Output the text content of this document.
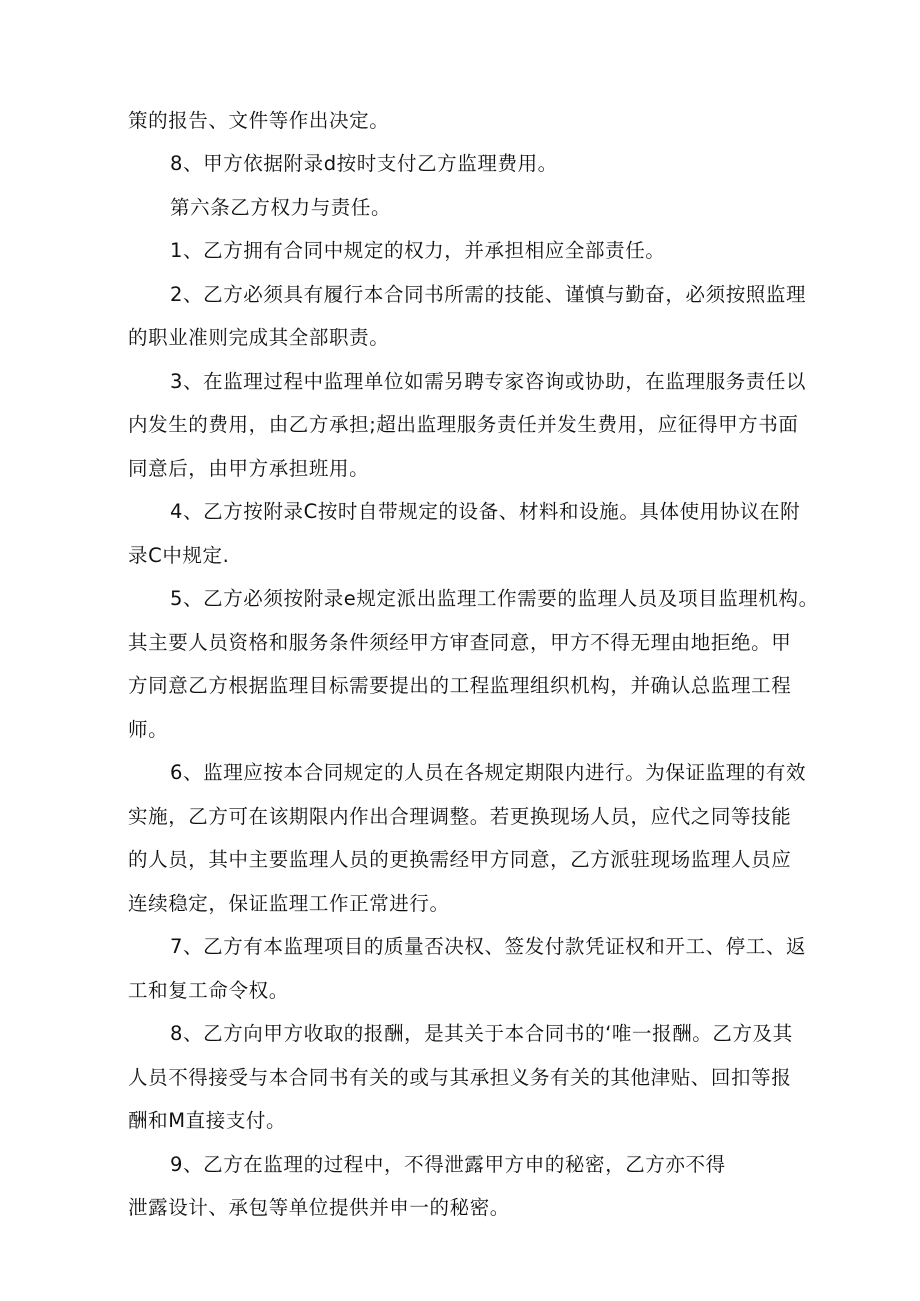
策的报告、文件等作出决定。
8、甲方依据附录d按时支付乙方监理费用。
第六条乙方权力与责任。
1、乙方拥有合同中规定的权力，并承担相应全部责任。
2、乙方必须具有履行本合同书所需的技能、谨慎与勤奋，必须按照监理
的职业准则完成其全部职责。
3、在监理过程中监理单位如需另聘专家咨询或协助，在监理服务责任以
内发生的费用，由乙方承担;超出监理服务责任并发生费用，应征得甲方书面
同意后，由甲方承担班用。
4、乙方按附录C按时自带规定的设备、材料和设施。具体使用协议在附
录C中规定.
5、乙方必须按附录e规定派出监理工作需要的监理人员及项目监理机构。
其主要人员资格和服务条件须经甲方审查同意，甲方不得无理由地拒绝。甲
方同意乙方根据监理目标需要提出的工程监理组织机构，并确认总监理工程
师。
6、监理应按本合同规定的人员在各规定期限内进行。为保证监理的有效
实施，乙方可在该期限内作出合理调整。若更换现场人员，应代之同等技能
的人员，其中主要监理人员的更换需经甲方同意，乙方派驻现场监理人员应
连续稳定，保证监理工作正常进行。
7、乙方有本监理项目的质量否决权、签发付款凭证权和开工、停工、返
工和复工命令权。
8、乙方向甲方收取的报酬，是其关于本合同书的‘唯一报酬。乙方及其
人员不得接受与本合同书有关的或与其承担义务有关的其他津贴、回扣等报
酬和M直接支付。
9、乙方在监理的过程中，不得泄露甲方申的秘密，乙方亦不得
泄露设计、承包等单位提供并申一的秘密。
